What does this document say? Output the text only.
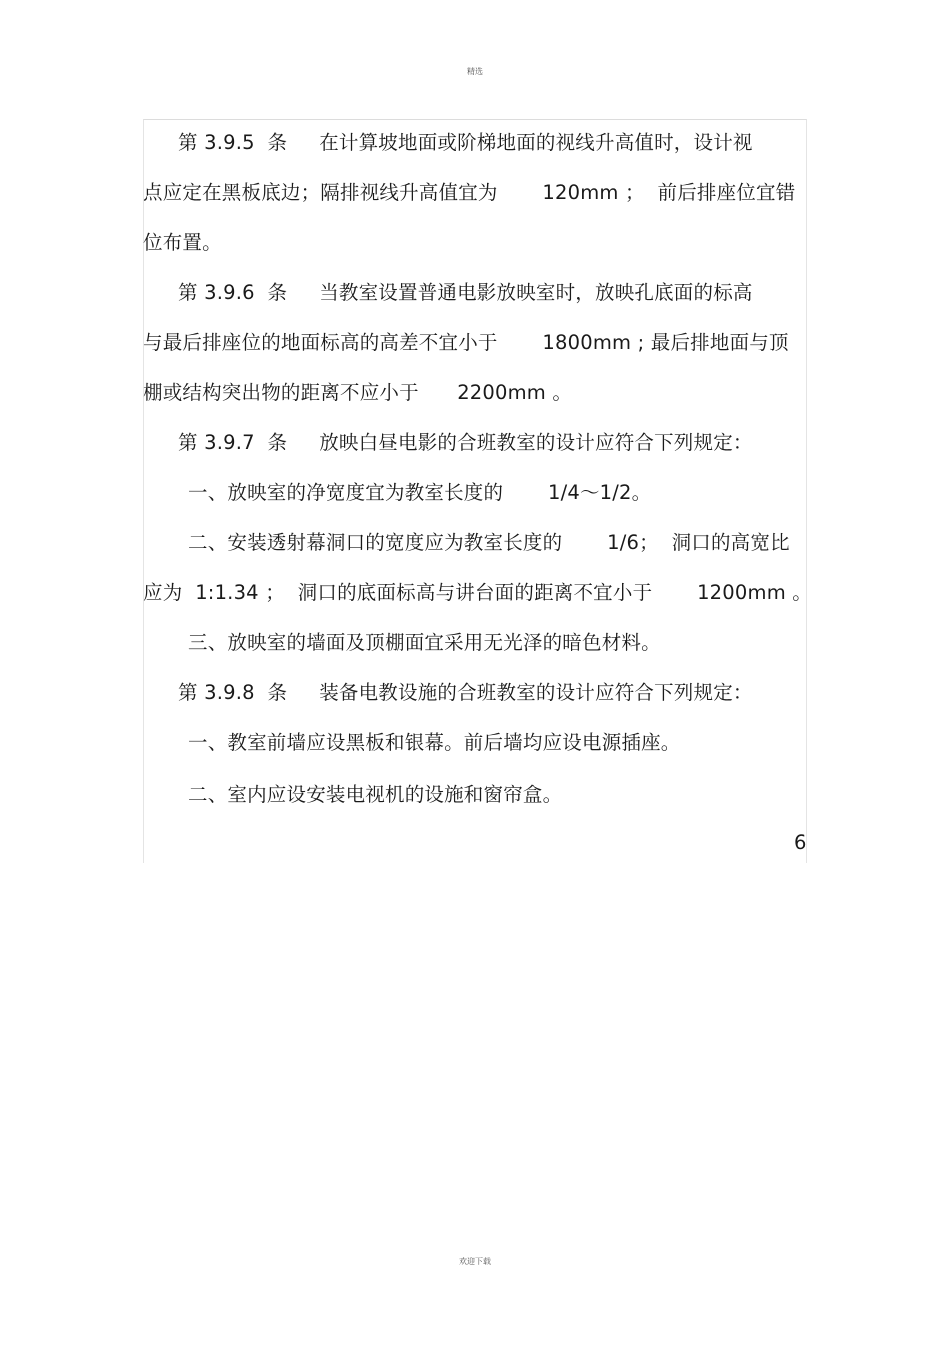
精选
第 3.9.5  条     在计算坡地面或阶梯地面的视线升高值时，设计视
点应定在黑板底边；隔排视线升高值宜为       120mm ；  前后排座位宜错
位布置。
第 3.9.6  条     当教室设置普通电影放映室时，放映孔底面的标高
与最后排座位的地面标高的高差不宜小于       1800mm ; 最后排地面与顶
棚或结构突出物的距离不应小于      2200mm 。
第 3.9.7  条     放映白昼电影的合班教室的设计应符合下列规定：
一、放映室的净宽度宜为教室长度的       1/4～1/2。
二、安装透射幕洞口的宽度应为教室长度的       1/6；  洞口的高宽比
应为  1:1.34 ；  洞口的底面标高与讲台面的距离不宜小于       1200mm 。
三、放映室的墙面及顶棚面宜采用无光泽的暗色材料。
第 3.9.8  条     装备电教设施的合班教室的设计应符合下列规定：
一、教室前墙应设黑板和银幕。前后墙均应设电源插座。
二、室内应设安装电视机的设施和窗帘盒。
6
欢迎下载
